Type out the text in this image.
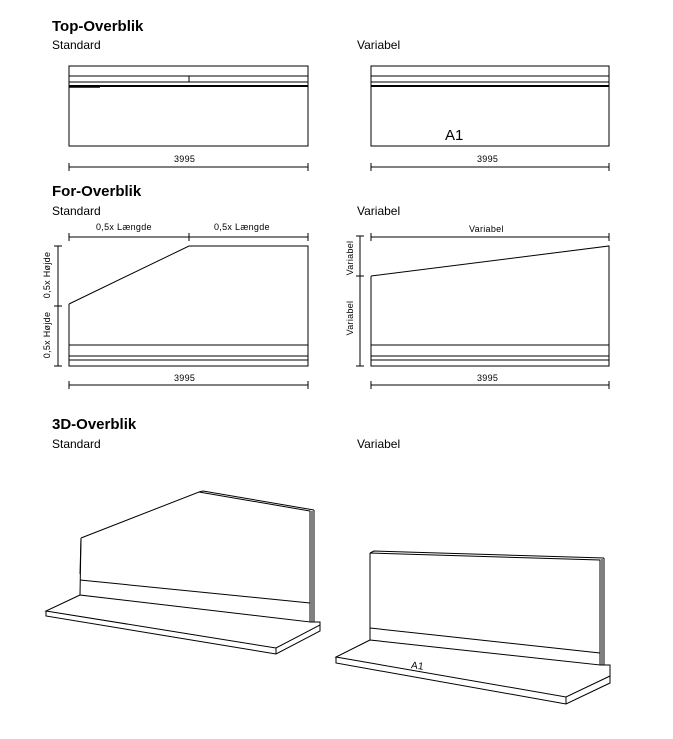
Top-Overblik
Standard	Variabel
For-Overblik
Standard	Variabel
3D-Overblik
Standard	Variabel
3995	3995
A1
0,5x Længde	0,5x Længde
0,5x Højde
0,5x Højde
3995
Variabel
Variabel
Variabel
3995
A1
